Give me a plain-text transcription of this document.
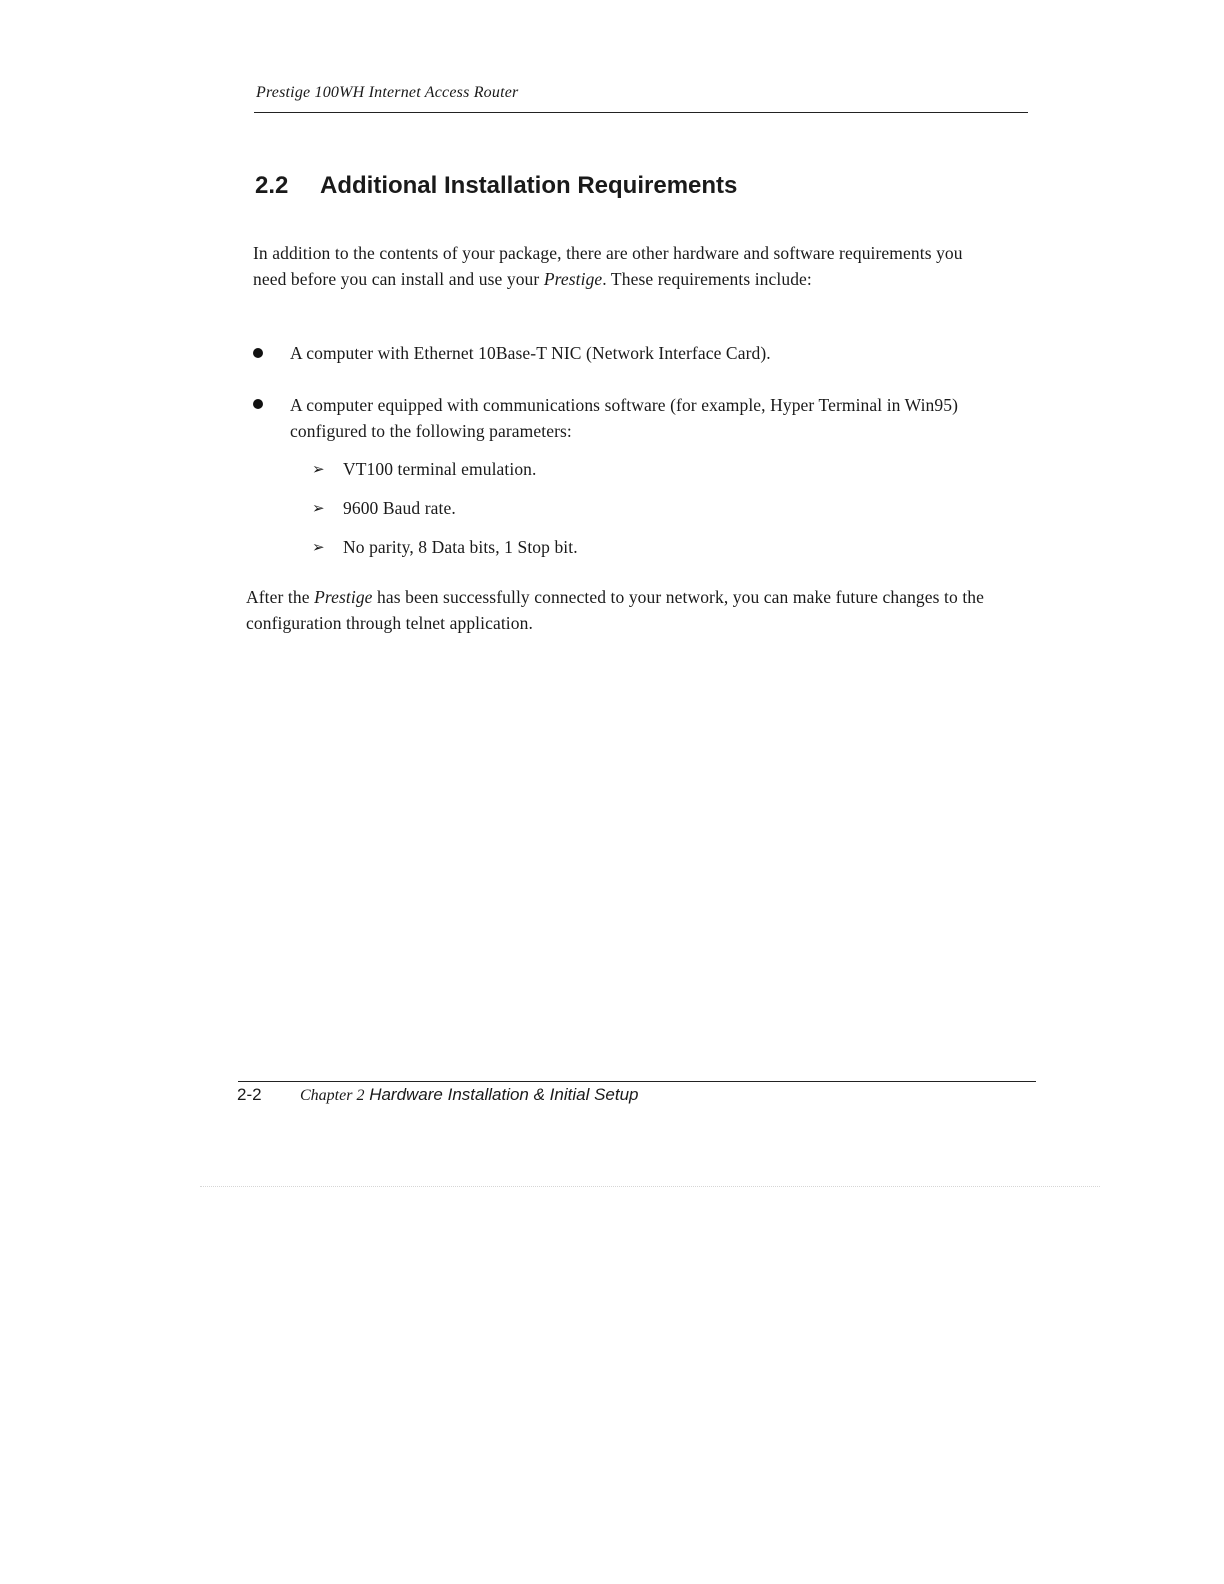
Prestige 100WH Internet Access Router
2.2 Additional Installation Requirements
In addition to the contents of your package, there are other hardware and software requirements you need before you can install and use your Prestige. These requirements include:
A computer with Ethernet 10Base-T NIC (Network Interface Card).
A computer equipped with communications software (for example, Hyper Terminal in Win95) configured to the following parameters:
➢ VT100 terminal emulation.
➢ 9600 Baud rate.
➢ No parity, 8 Data bits, 1 Stop bit.
After the Prestige has been successfully connected to your network, you can make future changes to the configuration through telnet application.
2-2 Chapter 2 Hardware Installation & Initial Setup
